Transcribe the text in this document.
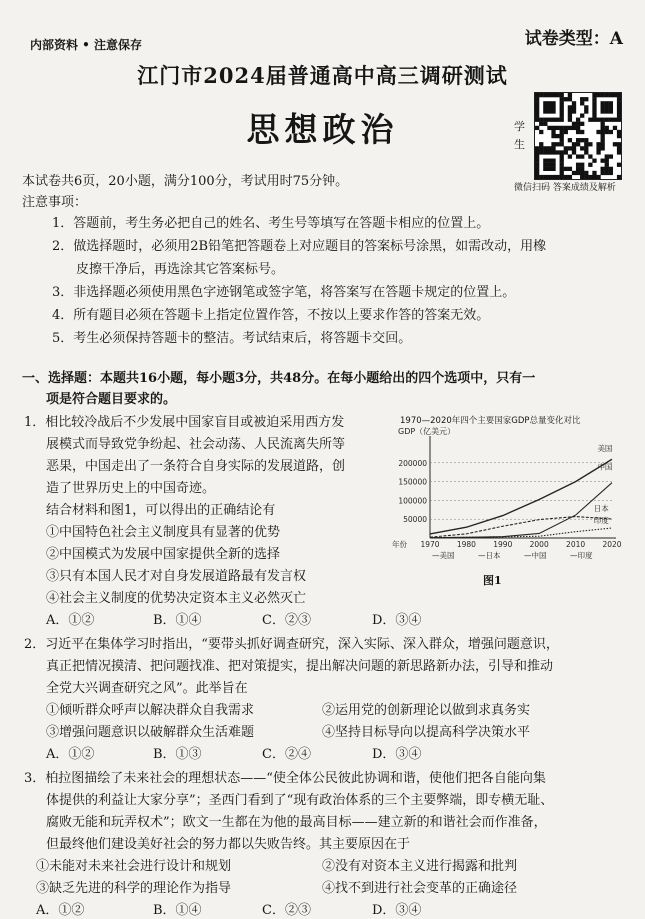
内部资料 • 注意保存	试卷类型：A
江门市2024届普通高中高三调研测试
思想政治	学 生
微信扫码 答案成绩及解析
本试卷共6页，20小题，满分100分，考试用时75分钟。
注意事项：
1．答题前，考生务必把自己的姓名、考生号等填写在答题卡相应的位置上。
2．做选择题时，必须用2B铅笔把答题卷上对应题目的答案标号涂黑，如需改动，用橡
皮擦干净后，再选涂其它答案标号。
3．非选择题必须使用黑色字迹钢笔或签字笔，将答案写在答题卡规定的位置上。
4．所有题目必须在答题卡上指定位置作答，不按以上要求作答的答案无效。
5．考生必须保持答题卡的整洁。考试结束后，将答题卡交回。
一、选择题：本题共16小题，每小题3分，共48分。在每小题给出的四个选项中，只有一
项是符合题目要求的。
1．相比较冷战后不少发展中国家盲目或被迫采用西方发
展模式而导致党争纷起、社会动荡、人民流离失所等
恶果，中国走出了一条符合自身实际的发展道路，创
造了世界历史上的中国奇迹。
结合材料和图1，可以得出的正确结论有
①中国特色社会主义制度具有显著的优势
②中国模式为发展中国家提供全新的选择
③只有本国人民才对自身发展道路最有发言权
④社会主义制度的优势决定资本主义必然灭亡
A．①②	B．①④	C．②③	D．③④
1970—2020年四个主要国家GDP总量变化对比
GDP（亿美元）
50000
100000
150000
200000
年份 1970 1980 1990 2000 2010 2020
美国
中国
日本
印度
—美国	—日本	—中国	—印度
图1
2．习近平在集体学习时指出，“要带头抓好调查研究，深入实际、深入群众，增强问题意识，
真正把情况摸清、把问题找准、把对策提实，提出解决问题的新思路新办法，引导和推动
全党大兴调查研究之风”。此举旨在
①倾听群众呼声以解决群众自我需求	②运用党的创新理论以做到求真务实
③增强问题意识以破解群众生活难题	④坚持目标导向以提高科学决策水平
A．①②	B．①③	C．②④	D．③④
3．柏拉图描绘了未来社会的理想状态——“使全体公民彼此协调和谐，使他们把各自能向集
体提供的利益让大家分享”；圣西门看到了“现有政治体系的三个主要弊端，即专横无耻、
腐败无能和玩弄权术”；欧文一生都在为他的最高目标——建立新的和谐社会而作准备，
但最终他们建设美好社会的努力都以失败告终。其主要原因在于
①未能对未来社会进行设计和规划	②没有对资本主义进行揭露和批判
③缺乏先进的科学的理论作为指导	④找不到进行社会变革的正确途径
A．①②	B．①④	C．②③	D．③④
